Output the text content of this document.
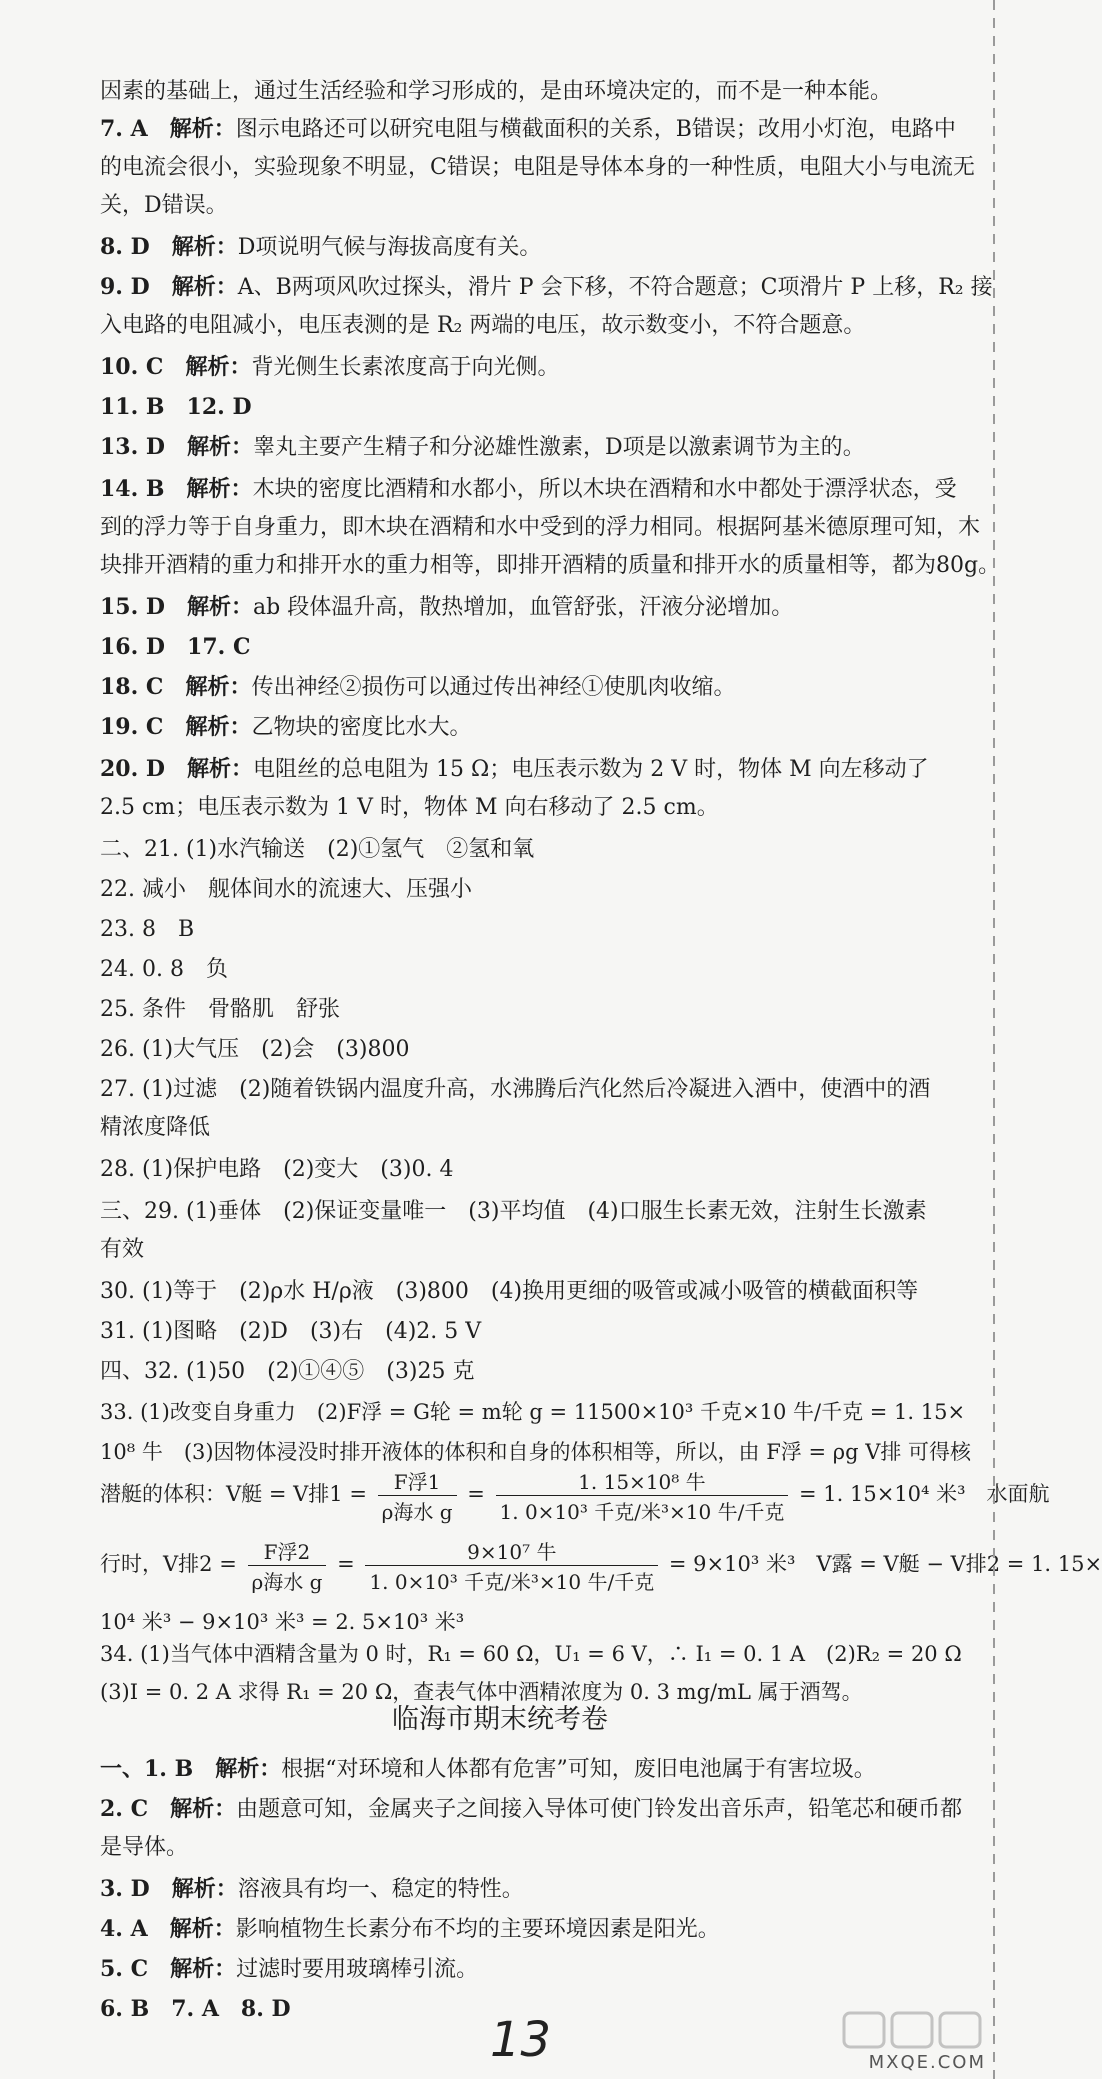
因素的基础上，通过生活经验和学习形成的，是由环境决定的，而不是一种本能。
7. A　 解析：图示电路还可以研究电阻与横截面积的关系，B错误；改用小灯泡，电路中
的电流会很小，实验现象不明显，C错误；电阻是导体本身的一种性质，电阻大小与电流无
关，D错误。
8. D　 解析：D项说明气候与海拔高度有关。
9. D　 解析：A、B两项风吹过探头，滑片 P 会下移，不符合题意；C项滑片 P 上移，R₂ 接
入电路的电阻减小，电压表测的是 R₂ 两端的电压，故示数变小，不符合题意。
10. C　 解析：背光侧生长素浓度高于向光侧。
11. B　12. D
13. D　 解析：睾丸主要产生精子和分泌雄性激素，D项是以激素调节为主的。
14. B　 解析：木块的密度比酒精和水都小，所以木块在酒精和水中都处于漂浮状态，受
到的浮力等于自身重力，即木块在酒精和水中受到的浮力相同。根据阿基米德原理可知，木
块排开酒精的重力和排开水的重力相等，即排开酒精的质量和排开水的质量相等，都为80g。
15. D　 解析：ab 段体温升高，散热增加，血管舒张，汗液分泌增加。
16. D　17. C
18. C　 解析：传出神经②损伤可以通过传出神经①使肌肉收缩。
19. C　 解析：乙物块的密度比水大。
20. D　 解析：电阻丝的总电阻为 15 Ω；电压表示数为 2 V 时，物体 M 向左移动了
2.5 cm；电压表示数为 1 V 时，物体 M 向右移动了 2.5 cm。
二、21. (1)水汽输送　(2)①氢气　②氢和氧
22. 减小　舰体间水的流速大、压强小
23. 8　B
24. 0. 8　负
25. 条件　骨骼肌　舒张
26. (1)大气压　(2)会　(3)800
27. (1)过滤　(2)随着铁锅内温度升高，水沸腾后汽化然后冷凝进入酒中，使酒中的酒
精浓度降低
28. (1)保护电路　(2)变大　(3)0. 4
三、29. (1)垂体　(2)保证变量唯一　(3)平均值　(4)口服生长素无效，注射生长激素
有效
30. (1)等于　(2)ρ水 H/ρ液　(3)800　(4)换用更细的吸管或减小吸管的横截面积等
31. (1)图略　(2)D　(3)右　(4)2. 5 V
四、32. (1)50　(2)①④⑤　(3)25 克
33. (1)改变自身重力　(2)F浮 = G轮 = m轮 g = 11500×10³ 千克×10 牛/千克 = 1. 15×
10⁸ 牛　(3)因物体浸没时排开液体的体积和自身的体积相等，所以，由 F浮 = ρg V排 可得核
潜艇的体积：V艇 = V排$1 = \frac{\text{F浮1}}{\text{ρ海水 g}} = \frac{\text{1. 15×10⁸ 牛}}{\text{1. 0×10³ 千克/米³×10 牛/千克}} = 1$. 15×10⁴ 米³　水面航
行时，V排$2 = \frac{\text{F浮2}}{\text{ρ海水 g}} = \frac{\text{9×10⁷ 牛}}{\text{1. 0×10³ 千克/米³×10 牛/千克}} = 9\times 10^3$ 米³　V露 = V艇 − V排2 = 1. 15×
10⁴ 米³ − 9×10³ 米³ = 2. 5×10³ 米³
34. (1)当气体中酒精含量为 0 时，R₁ = 60 Ω，U₁ = 6 V，∴ I₁ = 0. 1 A　(2)R₂ = 20 Ω
(3)I = 0. 2 A 求得 R₁ = 20 Ω，查表气体中酒精浓度为 0. 3 mg/mL 属于酒驾。
临海市期末统考卷
一、1. B　 解析：根据“对环境和人体都有危害”可知，废旧电池属于有害垃圾。
2. C　 解析：由题意可知，金属夹子之间接入导体可使门铃发出音乐声，铅笔芯和硬币都
是导体。
3. D　 解析：溶液具有均一、稳定的特性。
4. A　 解析：影响植物生长素分布不均的主要环境因素是阳光。
5. C　 解析：过滤时要用玻璃棒引流。
6. B　7. A　8. D
13	MXQE.COM
